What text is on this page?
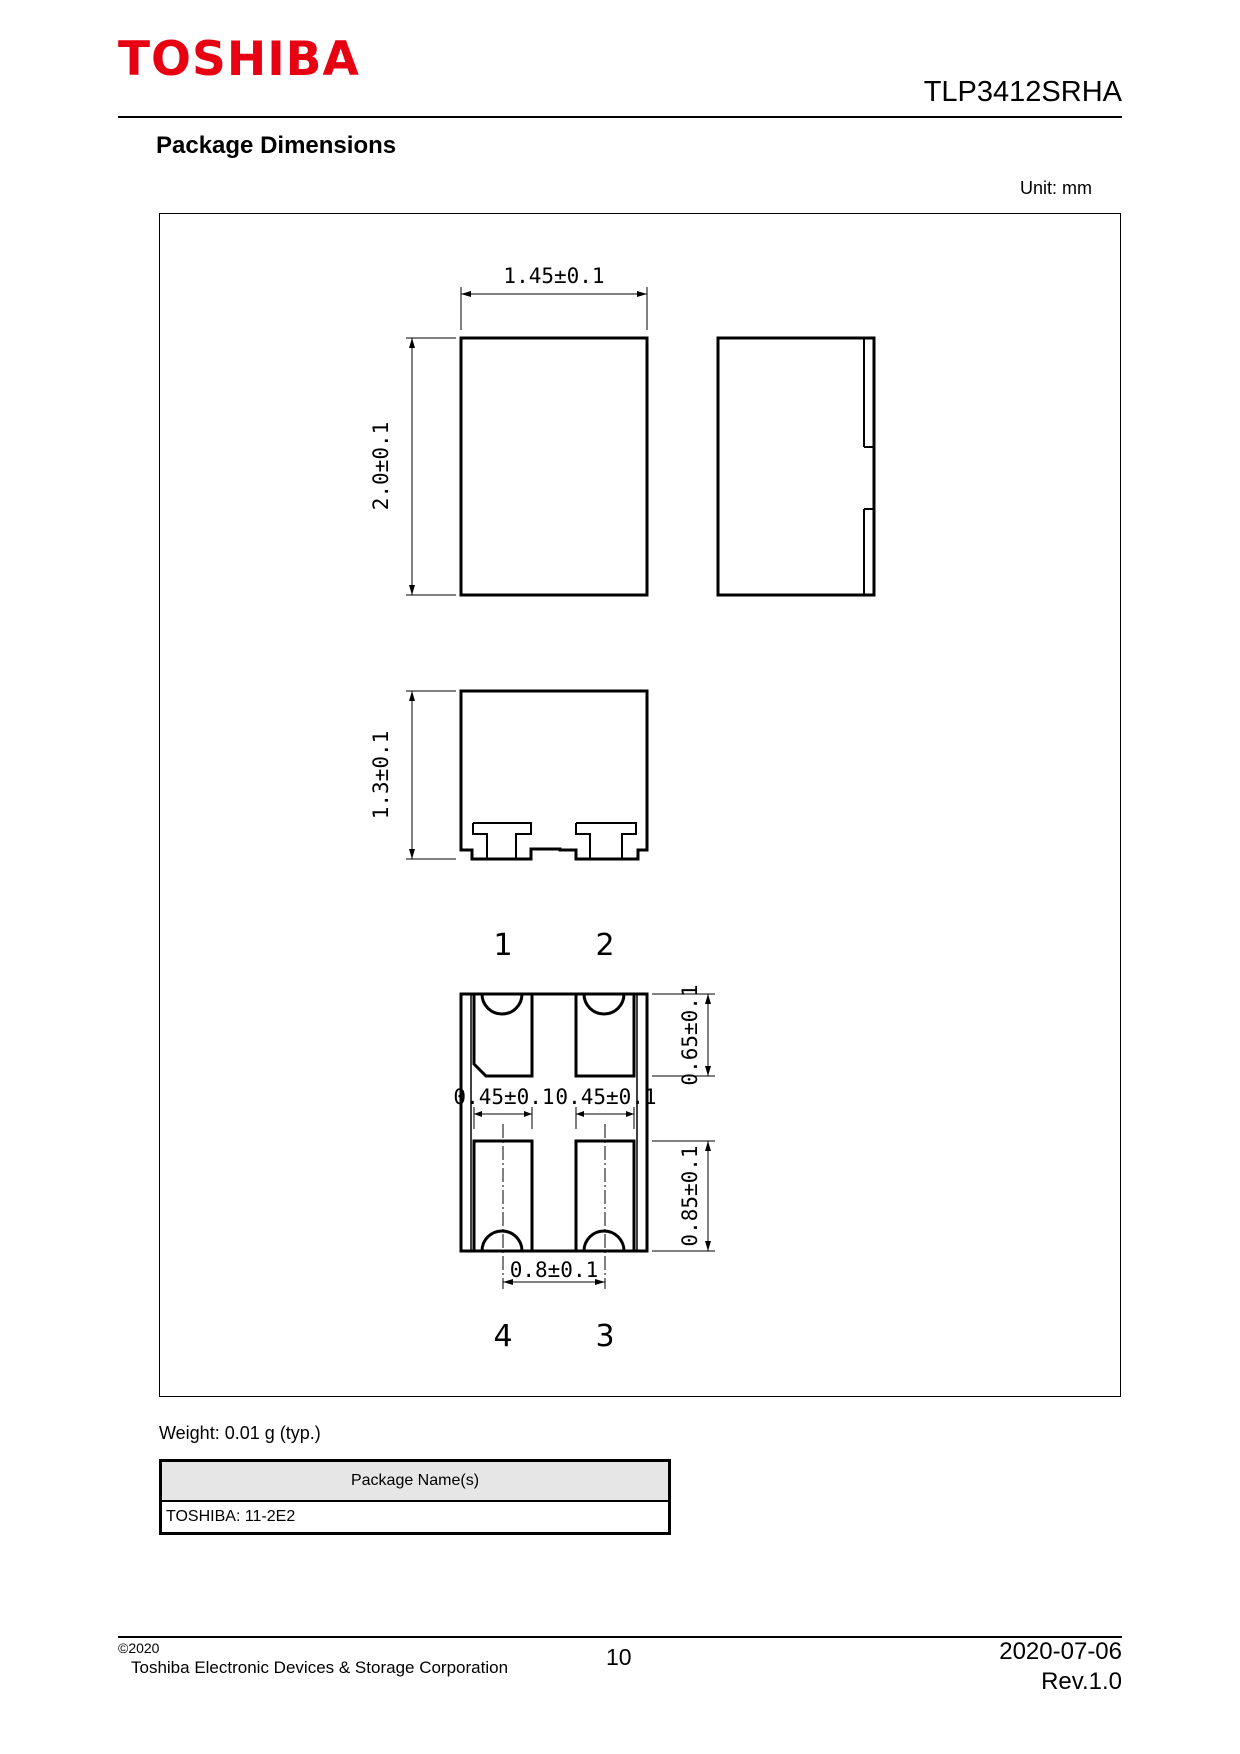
TOSHIBA
TLP3412SRHA
Package Dimensions
Unit: mm
1.45±0.1
2.0±0.1
1.3±0.1
0.65±0.1
0.85±0.1
0.45±0.1 0.45±0.1
0.8±0.1
1	2
3
4
Weight: 0.01 g (typ.)
Package Name(s)
TOSHIBA: 11-2E2
©2020
Toshiba Electronic Devices & Storage Corporation	10	2020-07-06
Rev.1.0
